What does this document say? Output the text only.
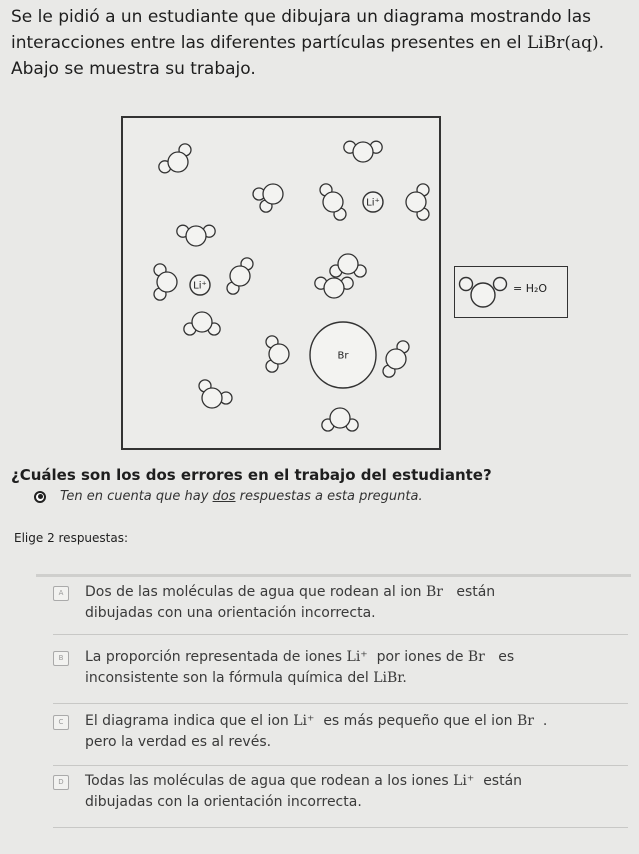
Se le pidió a un estudiante que dibujara un diagrama mostrando las
interacciones entre las diferentes partículas presentes en el LiBr(aq).
Abajo se muestra su trabajo.

Li⁺
Li⁺
Br
= H₂O
¿Cuáles son los dos errores en el trabajo del estudiante?
Ten en cuenta que hay dos respuestas a esta pregunta.
Elige 2 respuestas:
A	Dos de las moléculas de agua que rodean al ion Br   están
dibujadas con una orientación incorrecta.
B	La proporción representada de iones Li⁺  por iones de Br   es
inconsistente son la fórmula química del LiBr.
C	El diagrama indica que el ion Li⁺  es más pequeño que el ion Br  .
pero la verdad es al revés.
D	Todas las moléculas de agua que rodean a los iones Li⁺  están
dibujadas con la orientación incorrecta.
